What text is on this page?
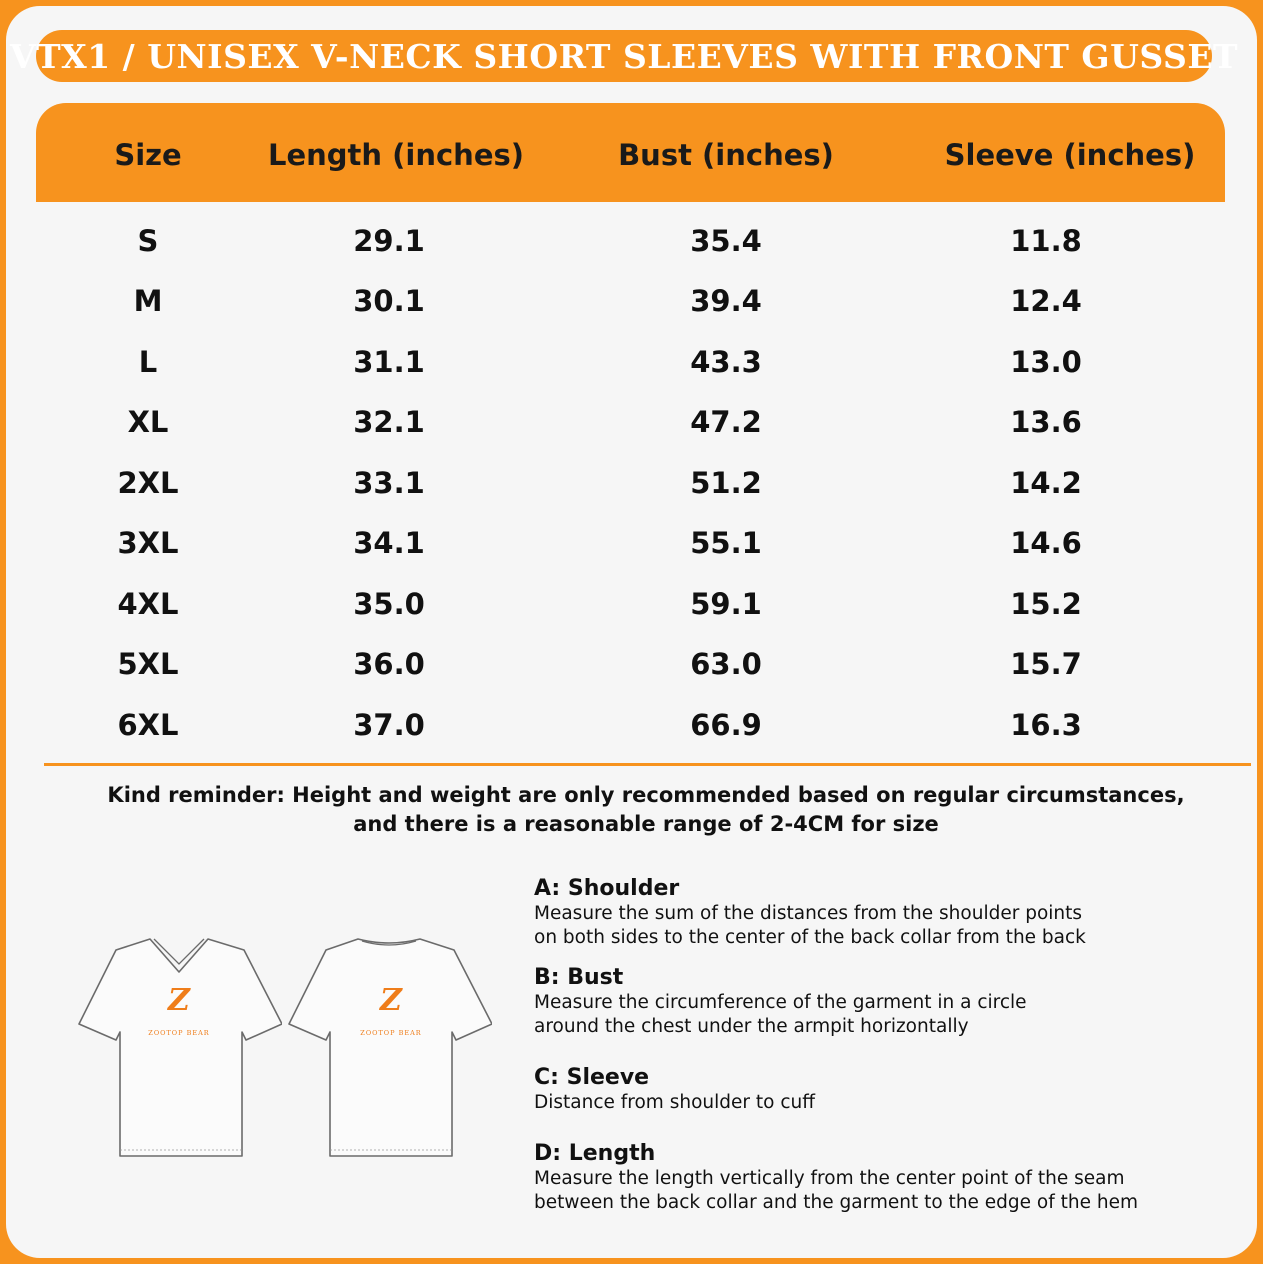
VTX1 / UNISEX V-NECK SHORT SLEEVES WITH FRONT GUSSET
Size	Length (inches)	Bust (inches)	Sleeve (inches)
S	29.1	35.4	11.8
M	30.1	39.4	12.4
L	31.1	43.3	13.0
XL	32.1	47.2	13.6
2XL	33.1	51.2	14.2
3XL	34.1	55.1	14.6
4XL	35.0	59.1	15.2
5XL	36.0	63.0	15.7
6XL	37.0	66.9	16.3
Kind reminder: Height and weight are only recommended based on regular circumstances,
and there is a reasonable range of 2-4CM for size
Z
ZOOTOP BEAR
Z
ZOOTOP BEAR
A: Shoulder
Measure the sum of the distances from the shoulder points
on both sides to the center of the back collar from the back
B: Bust
Measure the circumference of the garment in a circle
around the chest under the armpit horizontally
C: Sleeve
Distance from shoulder to cuff
D: Length
Measure the length vertically from the center point of the seam
between the back collar and the garment to the edge of the hem
